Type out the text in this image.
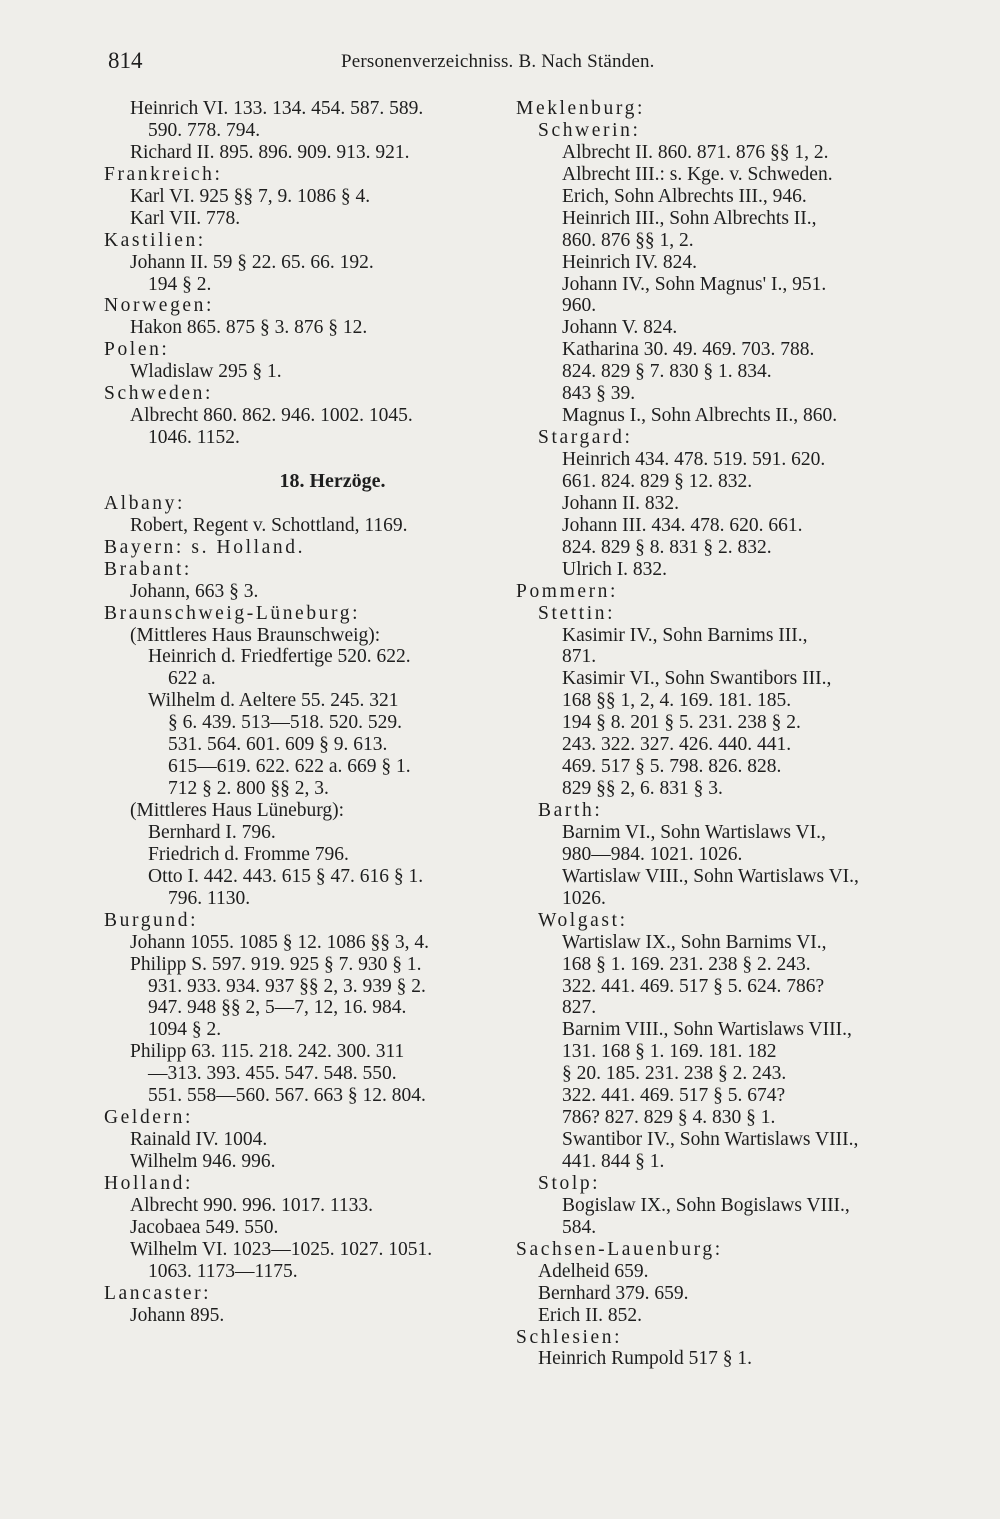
814	Personenverzeichniss. B. Nach Ständen.
Heinrich VI. 133. 134. 454. 587. 589.
590. 778. 794.
Richard II. 895. 896. 909. 913. 921.
Frankreich:
Karl VI. 925 §§ 7, 9. 1086 § 4.
Karl VII. 778.
Kastilien:
Johann II. 59 § 22. 65. 66. 192.
194 § 2.
Norwegen:
Hakon 865. 875 § 3. 876 § 12.
Polen:
Wladislaw 295 § 1.
Schweden:
Albrecht 860. 862. 946. 1002. 1045.
1046. 1152.
18. Herzöge.
Albany:
Robert, Regent v. Schottland, 1169.
Bayern: s. Holland.
Brabant:
Johann, 663 § 3.
Braunschweig-Lüneburg:
(Mittleres Haus Braunschweig):
Heinrich d. Friedfertige 520. 622.
622 a.
Wilhelm d. Aeltere 55. 245. 321
§ 6. 439. 513—518. 520. 529.
531. 564. 601. 609 § 9. 613.
615—619. 622. 622 a. 669 § 1.
712 § 2. 800 §§ 2, 3.
(Mittleres Haus Lüneburg):
Bernhard I. 796.
Friedrich d. Fromme 796.
Otto I. 442. 443. 615 § 47. 616 § 1.
796. 1130.
Burgund:
Johann 1055. 1085 § 12. 1086 §§ 3, 4.
Philipp S. 597. 919. 925 § 7. 930 § 1.
931. 933. 934. 937 §§ 2, 3. 939 § 2.
947. 948 §§ 2, 5—7, 12, 16. 984.
1094 § 2.
Philipp 63. 115. 218. 242. 300. 311
—313. 393. 455. 547. 548. 550.
551. 558—560. 567. 663 § 12. 804.
Geldern:
Rainald IV. 1004.
Wilhelm 946. 996.
Holland:
Albrecht 990. 996. 1017. 1133.
Jacobaea 549. 550.
Wilhelm VI. 1023—1025. 1027. 1051.
1063. 1173—1175.
Lancaster:
Johann 895.
Meklenburg:
Schwerin:
Albrecht II. 860. 871. 876 §§ 1, 2.
Albrecht III.: s. Kge. v. Schweden.
Erich, Sohn Albrechts III., 946.
Heinrich III., Sohn Albrechts II.,
860. 876 §§ 1, 2.
Heinrich IV. 824.
Johann IV., Sohn Magnus' I., 951.
960.
Johann V. 824.
Katharina 30. 49. 469. 703. 788.
824. 829 § 7. 830 § 1. 834.
843 § 39.
Magnus I., Sohn Albrechts II., 860.
Stargard:
Heinrich 434. 478. 519. 591. 620.
661. 824. 829 § 12. 832.
Johann II. 832.
Johann III. 434. 478. 620. 661.
824. 829 § 8. 831 § 2. 832.
Ulrich I. 832.
Pommern:
Stettin:
Kasimir IV., Sohn Barnims III.,
871.
Kasimir VI., Sohn Swantibors III.,
168 §§ 1, 2, 4. 169. 181. 185.
194 § 8. 201 § 5. 231. 238 § 2.
243. 322. 327. 426. 440. 441.
469. 517 § 5. 798. 826. 828.
829 §§ 2, 6. 831 § 3.
Barth:
Barnim VI., Sohn Wartislaws VI.,
980—984. 1021. 1026.
Wartislaw VIII., Sohn Wartislaws VI.,
1026.
Wolgast:
Wartislaw IX., Sohn Barnims VI.,
168 § 1. 169. 231. 238 § 2. 243.
322. 441. 469. 517 § 5. 624. 786?
827.
Barnim VIII., Sohn Wartislaws VIII.,
131. 168 § 1. 169. 181. 182
§ 20. 185. 231. 238 § 2. 243.
322. 441. 469. 517 § 5. 674?
786? 827. 829 § 4. 830 § 1.
Swantibor IV., Sohn Wartislaws VIII.,
441. 844 § 1.
Stolp:
Bogislaw IX., Sohn Bogislaws VIII.,
584.
Sachsen-Lauenburg:
Adelheid 659.
Bernhard 379. 659.
Erich II. 852.
Schlesien:
Heinrich Rumpold 517 § 1.
